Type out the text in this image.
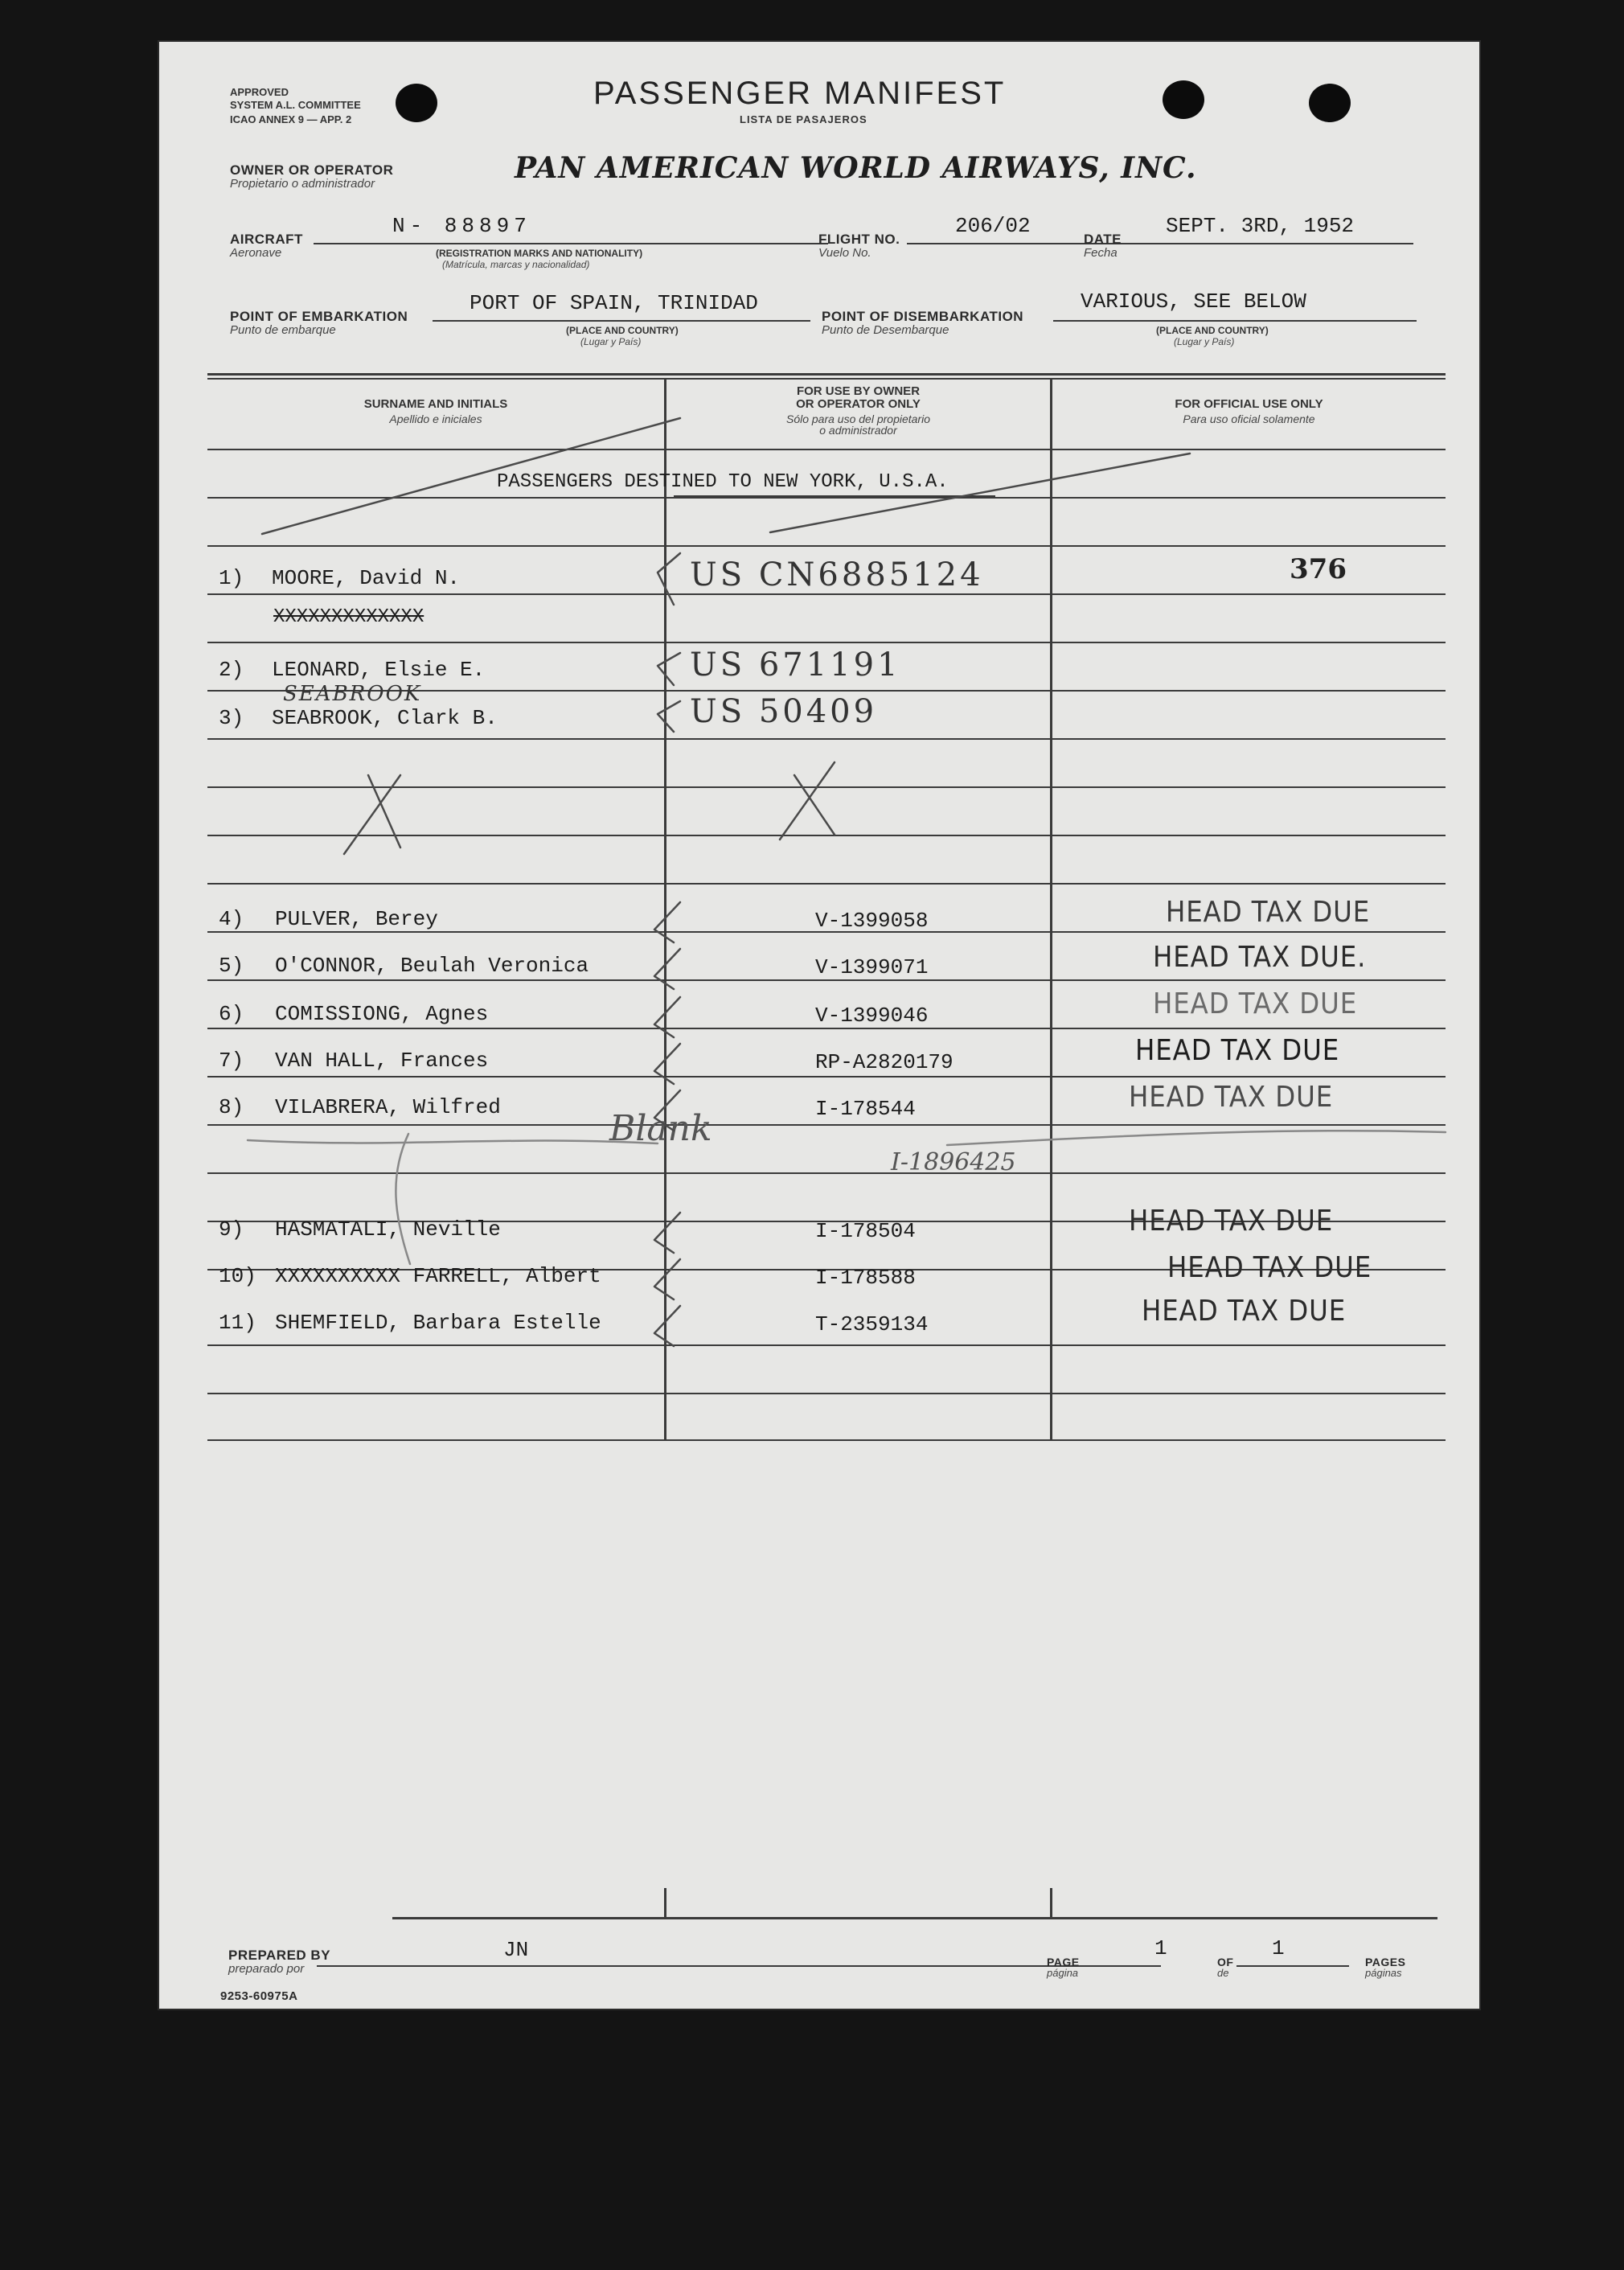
APPROVED
SYSTEM A.L. COMMITTEE
ICAO ANNEX 9 — APP. 2
PASSENGER MANIFEST
LISTA DE PASAJEROS
OWNER OR OPERATOR
Propietario o administrador	PAN AMERICAN WORLD AIRWAYS, INC.
AIRCRAFT
Aeronave
N- 88897
(REGISTRATION MARKS AND NATIONALITY)
(Matrícula, marcas y nacionalidad)
FLIGHT NO.
Vuelo No.
206/02
DATE
Fecha
SEPT. 3RD, 1952
POINT OF EMBARKATION
Punto de embarque
PORT OF SPAIN, TRINIDAD
(PLACE AND COUNTRY)
(Lugar y País)
POINT OF DISEMBARKATION
Punto de Desembarque
VARIOUS, SEE BELOW
(PLACE AND COUNTRY)
(Lugar y País)
SURNAME AND INITIALS
Apellido e iniciales
FOR USE BY OWNER
OR OPERATOR ONLY
Sólo para uso del propietario
o administrador
FOR OFFICIAL USE ONLY
Para uso oficial solamente
PASSENGERS DESTINED TO NEW YORK, U.S.A.
XXXXXXXXXXXXX
SEABROOK
Blank
I-1896425
1) MOORE, David N.	US CN6885124	376
2) LEONARD, Elsie E.	US 671191
3) SEABROOK, Clark B.	US 50409
4) PULVER, Berey	V-1399058	HEAD TAX DUE
5) O'CONNOR, Beulah Veronica	V-1399071	HEAD TAX DUE.
6) COMISSIONG, Agnes	V-1399046	HEAD TAX DUE
7) VAN HALL, Frances	RP-A2820179	HEAD TAX DUE
8) VILABRERA, Wilfred	I-178544	HEAD TAX DUE
9) HASMATALI, Neville	I-178504	HEAD TAX DUE
10) XXXXXXXXXX FARRELL, Albert	I-178588	HEAD TAX DUE
11) SHEMFIELD, Barbara Estelle	T-2359134	HEAD TAX DUE
PREPARED BY
preparado por
JN	PAGE
página
1
OF
de
1
PAGES
páginas
9253-60975A
